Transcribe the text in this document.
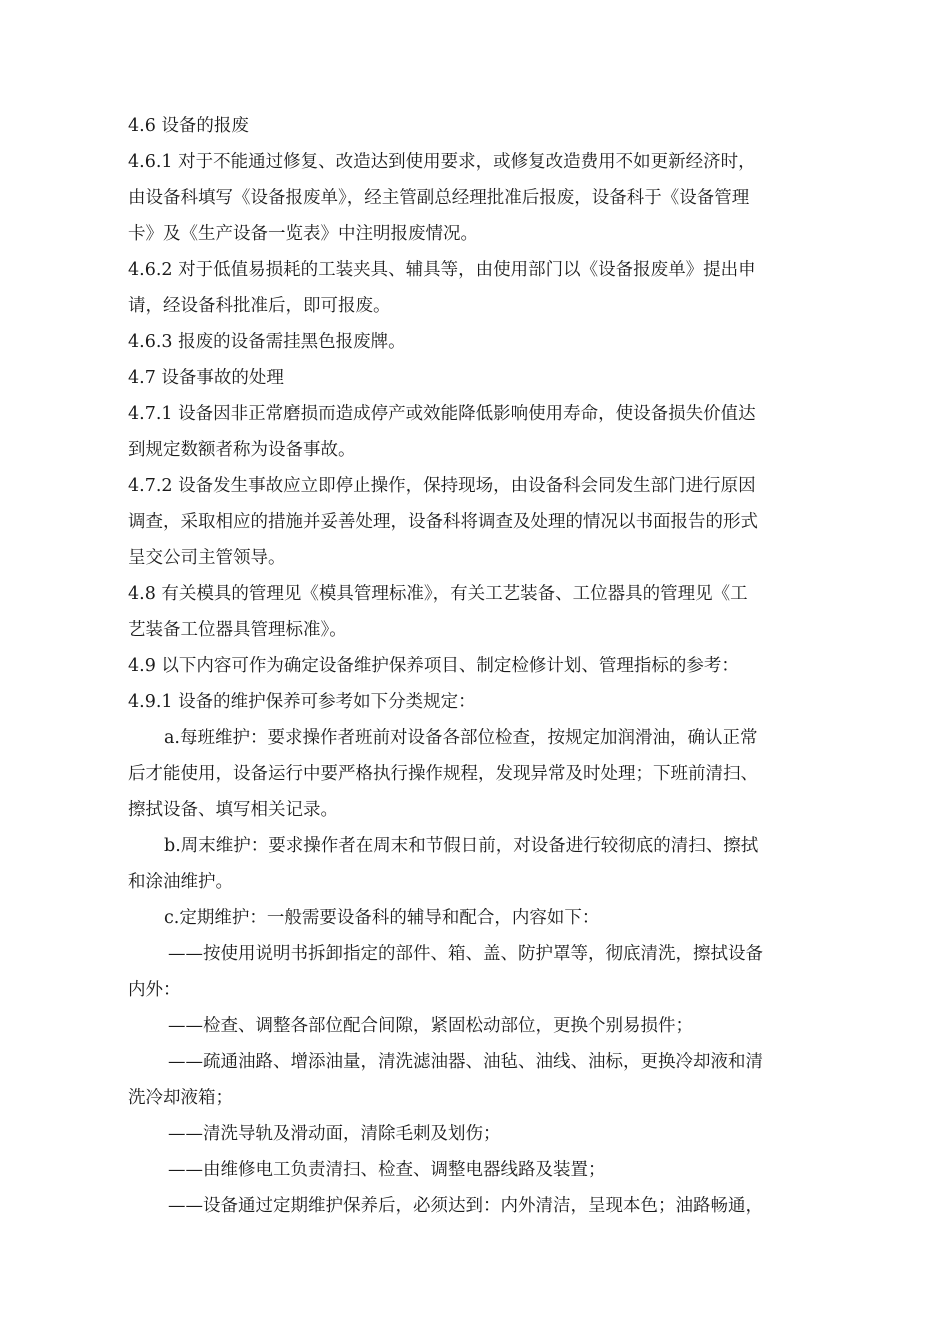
4.6 设备的报废
4.6.1 对于不能通过修复、改造达到使用要求，或修复改造费用不如更新经济时，
由设备科填写《设备报废单》，经主管副总经理批准后报废，设备科于《设备管理
卡》及《生产设备一览表》中注明报废情况。
4.6.2 对于低值易损耗的工装夹具、辅具等，由使用部门以《设备报废单》提出申
请，经设备科批准后，即可报废。
4.6.3 报废的设备需挂黑色报废牌。
4.7 设备事故的处理
4.7.1 设备因非正常磨损而造成停产或效能降低影响使用寿命，使设备损失价值达
到规定数额者称为设备事故。
4.7.2 设备发生事故应立即停止操作，保持现场，由设备科会同发生部门进行原因
调查，采取相应的措施并妥善处理，设备科将调查及处理的情况以书面报告的形式
呈交公司主管领导。
4.8 有关模具的管理见《模具管理标准》，有关工艺装备、工位器具的管理见《工
艺装备工位器具管理标准》。
4.9 以下内容可作为确定设备维护保养项目、制定检修计划、管理指标的参考：
4.9.1 设备的维护保养可参考如下分类规定：
a.每班维护：要求操作者班前对设备各部位检查，按规定加润滑油，确认正常
后才能使用，设备运行中要严格执行操作规程，发现异常及时处理；下班前清扫、
擦拭设备、填写相关记录。
b.周末维护：要求操作者在周末和节假日前，对设备进行较彻底的清扫、擦拭
和涂油维护。
c.定期维护：一般需要设备科的辅导和配合，内容如下：
——按使用说明书拆卸指定的部件、箱、盖、防护罩等，彻底清洗，擦拭设备
内外：
——检查、调整各部位配合间隙，紧固松动部位，更换个别易损件；
——疏通油路、增添油量，清洗滤油器、油毡、油线、油标，更换冷却液和清
洗冷却液箱；
——清洗导轨及滑动面，清除毛刺及划伤；
——由维修电工负责清扫、检查、调整电器线路及装置；
——设备通过定期维护保养后，必须达到：内外清洁，呈现本色；油路畅通，
